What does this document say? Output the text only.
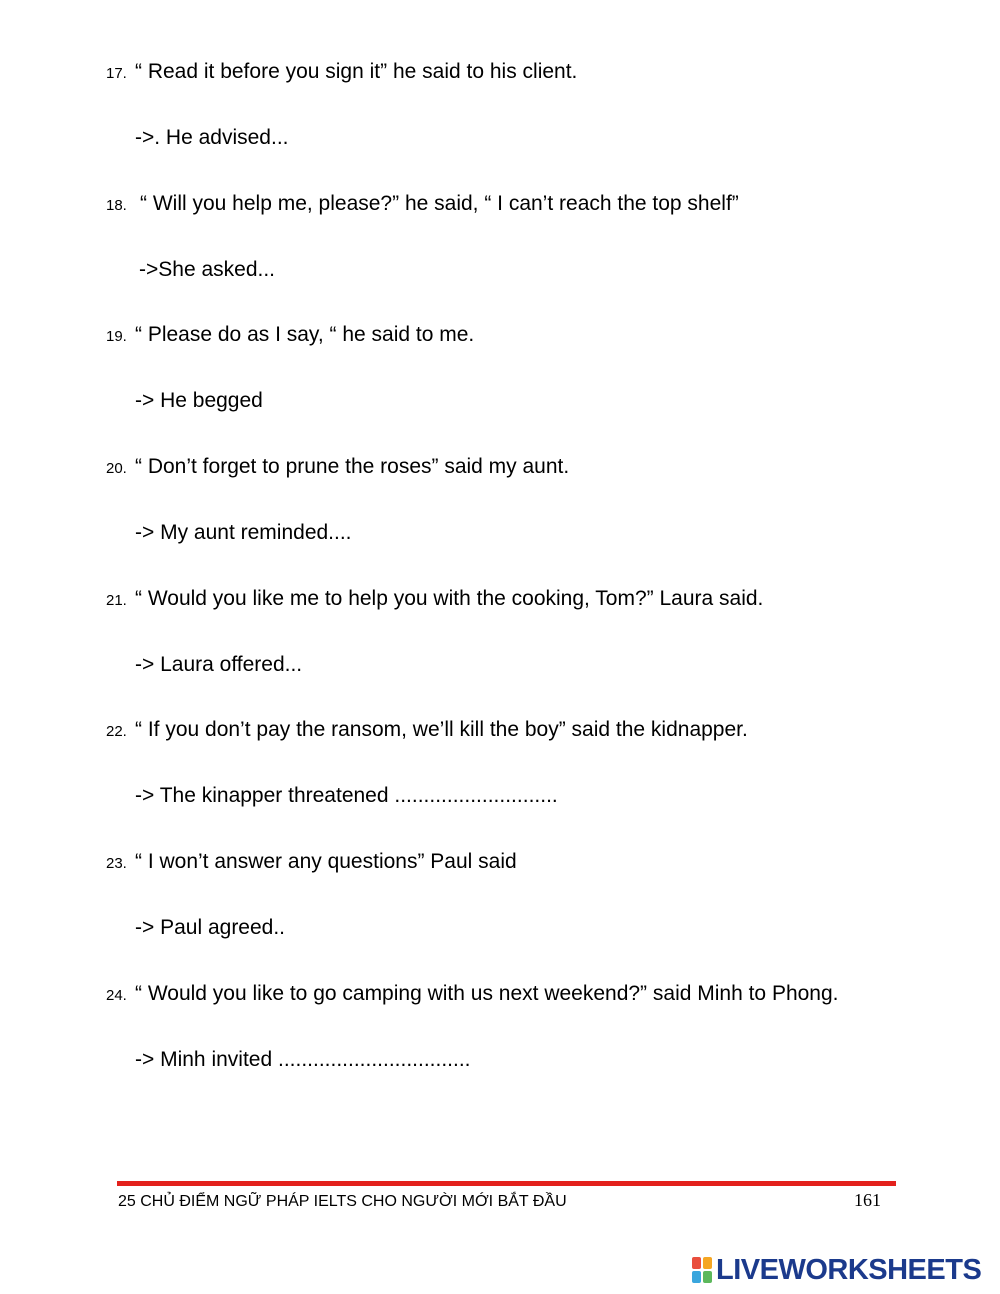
17. “ Read it before you sign it” he said to his client.
->. He advised...
18. “ Will you help me, please?” he said, “ I can’t reach the top shelf”
->She asked...
19. “ Please do as I say, “ he said to me.
-> He begged
20. “ Don’t forget to prune the roses” said my aunt.
-> My aunt reminded....
21. “ Would you like me to help you with the cooking, Tom?” Laura said.
-> Laura offered...
22. “ If you don’t pay the ransom, we’ll kill the boy” said the kidnapper.
-> The kinapper threatened ............................
23. “ I won’t answer any questions” Paul said
-> Paul agreed..
24. “ Would you like to go camping with us next weekend?” said Minh to Phong.
-> Minh invited .................................
25 CHỦ ĐIỂM NGỮ PHÁP IELTS CHO NGƯỜI MỚI BẮT ĐẦU	161
LIVEWORKSHEETS
